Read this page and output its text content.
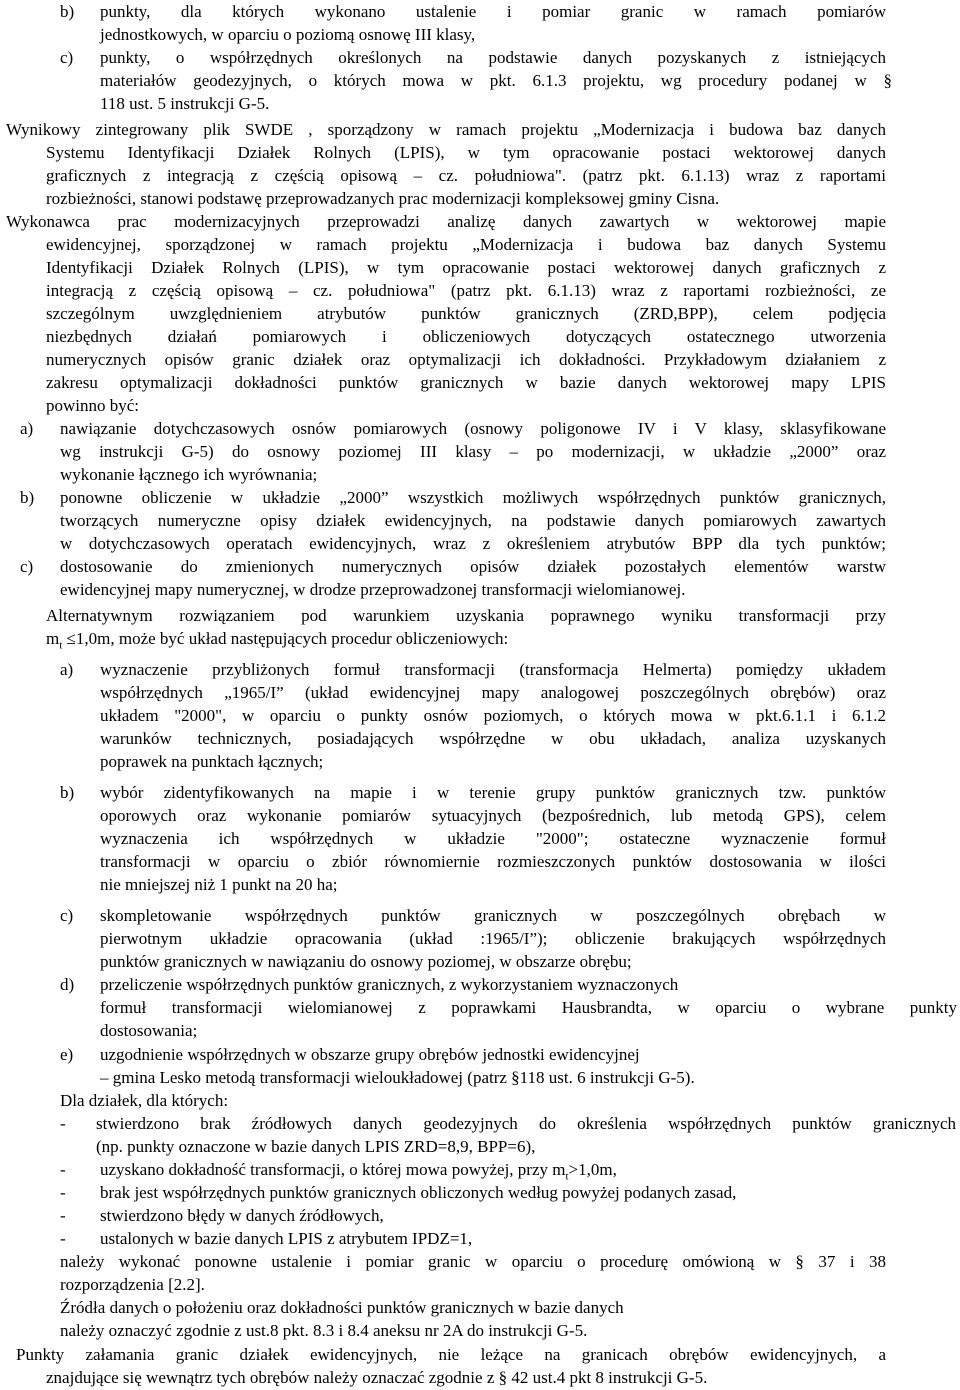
b) punkty, dla których wykonano ustalenie i pomiar granic w ramach pomiarów
jednostkowych, w oparciu o poziomą osnowę III klasy,
c) punkty, o współrzędnych określonych na podstawie danych pozyskanych z istniejących
materiałów geodezyjnych, o których mowa w pkt. 6.1.3 projektu, wg procedury podanej w §
118 ust. 5 instrukcji G-5.
Wynikowy zintegrowany plik SWDE , sporządzony w ramach projektu „Modernizacja i budowa baz danych
Systemu Identyfikacji Działek Rolnych (LPIS), w tym opracowanie postaci wektorowej danych
graficznych z integracją z częścią opisową – cz. południowa". (patrz pkt. 6.1.13) wraz z raportami
rozbieżności, stanowi podstawę przeprowadzanych prac modernizacji kompleksowej gminy Cisna.
Wykonawca prac modernizacyjnych przeprowadzi analizę danych zawartych w wektorowej mapie
ewidencyjnej, sporządzonej w ramach projektu „Modernizacja i budowa baz danych Systemu
Identyfikacji Działek Rolnych (LPIS), w tym opracowanie postaci wektorowej danych graficznych z
integracją z częścią opisową – cz. południowa" (patrz pkt. 6.1.13) wraz z raportami rozbieżności, ze
szczególnym uwzględnieniem atrybutów punktów granicznych (ZRD,BPP), celem podjęcia
niezbędnych działań pomiarowych i obliczeniowych dotyczących ostatecznego utworzenia
numerycznych opisów granic działek oraz optymalizacji ich dokładności. Przykładowym działaniem z
zakresu optymalizacji dokładności punktów granicznych w bazie danych wektorowej mapy LPIS
powinno być:
a) nawiązanie dotychczasowych osnów pomiarowych (osnowy poligonowe IV i V klasy, sklasyfikowane
wg instrukcji G-5) do osnowy poziomej III klasy – po modernizacji, w układzie „2000” oraz
wykonanie łącznego ich wyrównania;
b) ponowne obliczenie w układzie „2000” wszystkich możliwych współrzędnych punktów granicznych,
tworzących numeryczne opisy działek ewidencyjnych, na podstawie danych pomiarowych zawartych
w dotychczasowych operatach ewidencyjnych, wraz z określeniem atrybutów BPP dla tych punktów;
c) dostosowanie do zmienionych numerycznych opisów działek pozostałych elementów warstw
ewidencyjnej mapy numerycznej, w drodze przeprowadzonej transformacji wielomianowej.
Alternatywnym rozwiązaniem pod warunkiem uzyskania poprawnego wyniku transformacji przy
$m_t \le 1,0m$, może być układ następujących procedur obliczeniowych:
a) wyznaczenie przybliżonych formuł transformacji (transformacja Helmerta) pomiędzy układem
współrzędnych „1965/I” (układ ewidencyjnej mapy analogowej poszczególnych obrębów) oraz
układem "2000", w oparciu o punkty osnów poziomych, o których mowa w pkt.6.1.1 i 6.1.2
warunków technicznych, posiadających współrzędne w obu układach, analiza uzyskanych
poprawek na punktach łącznych;
b) wybór zidentyfikowanych na mapie i w terenie grupy punktów granicznych tzw. punktów
oporowych oraz wykonanie pomiarów sytuacyjnych (bezpośrednich, lub metodą GPS), celem
wyznaczenia ich współrzędnych w układzie "2000"; ostateczne wyznaczenie formuł
transformacji w oparciu o zbiór równomiernie rozmieszczonych punktów dostosowania w ilości
nie mniejszej niż 1 punkt na 20 ha;
c) skompletowanie współrzędnych punktów granicznych w poszczególnych obrębach w
pierwotnym układzie opracowania (układ :1965/I”); obliczenie brakujących współrzędnych
punktów granicznych w nawiązaniu do osnowy poziomej, w obszarze obrębu;
d) przeliczenie współrzędnych punktów granicznych, z wykorzystaniem wyznaczonych
formuł transformacji wielomianowej z poprawkami Hausbrandta, w oparciu o wybrane punkty
dostosowania;
e) uzgodnienie współrzędnych w obszarze grupy obrębów jednostki ewidencyjnej
– gmina Lesko metodą transformacji wieloukładowej (patrz §118 ust. 6 instrukcji G-5).
Dla działek, dla których:
- stwierdzono brak źródłowych danych geodezyjnych do określenia współrzędnych punktów granicznych
(np. punkty oznaczone w bazie danych LPIS ZRD=8,9, BPP=6),
- uzyskano dokładność transformacji, o której mowa powyżej, przy $m_t>1,0m$,
- brak jest współrzędnych punktów granicznych obliczonych według powyżej podanych zasad,
- stwierdzono błędy w danych źródłowych,
- ustalonych w bazie danych LPIS z atrybutem IPDZ=1,
należy wykonać ponowne ustalenie i pomiar granic w oparciu o procedurę omówioną w § 37 i 38
rozporządzenia [2.2].
Źródła danych o położeniu oraz dokładności punktów granicznych w bazie danych
należy oznaczyć zgodnie z ust.8 pkt. 8.3 i 8.4 aneksu nr 2A do instrukcji G-5.
Punkty załamania granic działek ewidencyjnych, nie leżące na granicach obrębów ewidencyjnych, a
znajdujące się wewnątrz tych obrębów należy oznaczać zgodnie z § 42 ust.4 pkt 8 instrukcji G-5.
